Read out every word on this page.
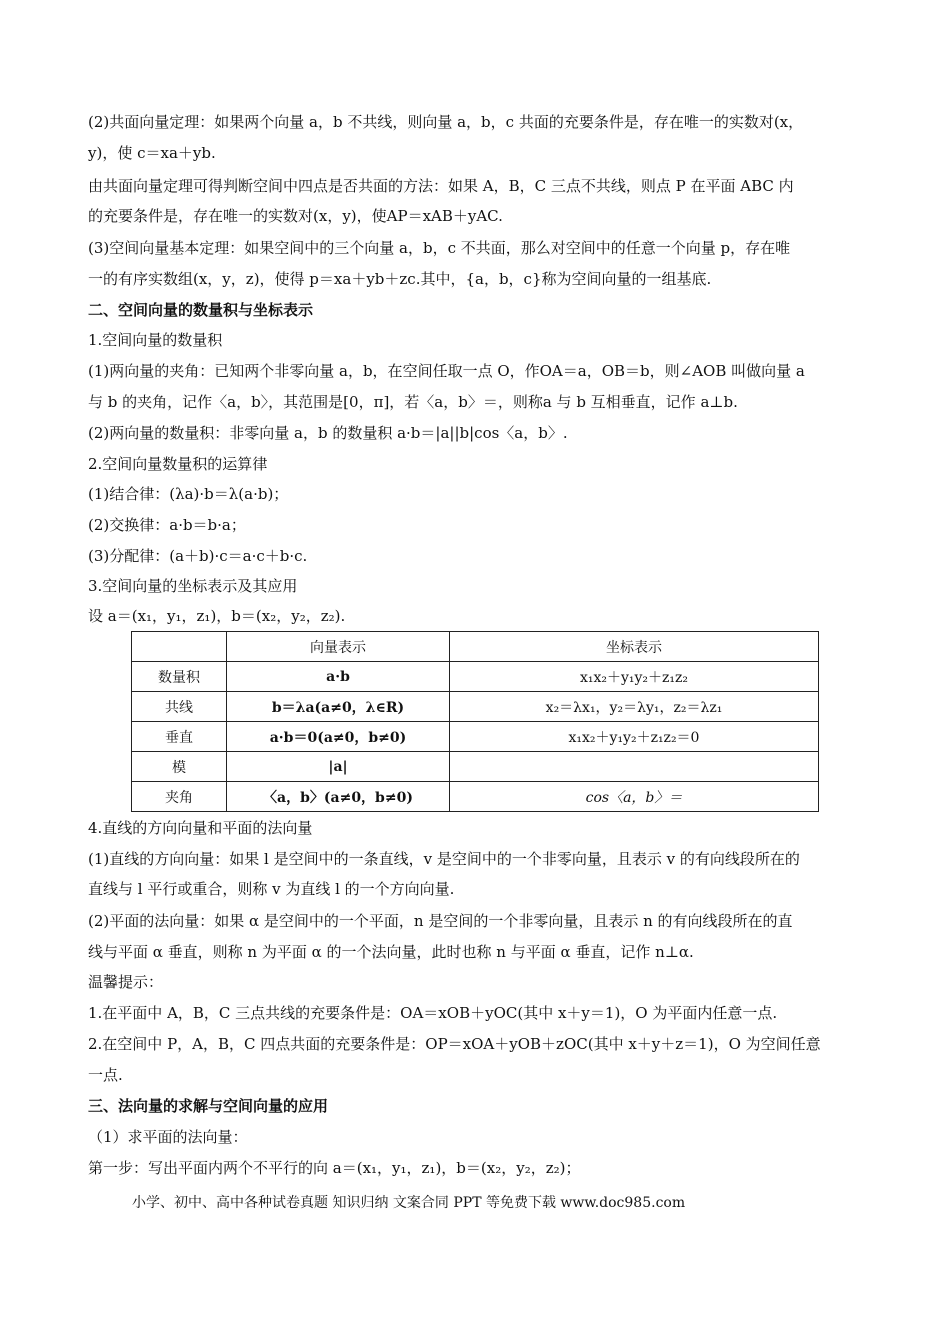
(2)共面向量定理：如果两个向量 a，b 不共线，则向量 a，b，c 共面的充要条件是，存在唯一的实数对(x，
y)，使 c＝xa＋yb.
由共面向量定理可得判断空间中四点是否共面的方法：如果 A，B，C 三点不共线，则点 P 在平面 ABC 内
的充要条件是，存在唯一的实数对(x，y)，使AP＝xAB＋yAC.
(3)空间向量基本定理：如果空间中的三个向量 a，b，c 不共面，那么对空间中的任意一个向量 p，存在唯
一的有序实数组(x，y，z)，使得 p＝xa＋yb＋zc.其中，{a，b，c}称为空间向量的一组基底.
二、空间向量的数量积与坐标表示
1.空间向量的数量积
(1)两向量的夹角：已知两个非零向量 a，b，在空间任取一点 O，作OA＝a，OB＝b，则∠AOB 叫做向量 a
与 b 的夹角，记作〈a，b〉，其范围是[0，π]，若〈a，b〉＝，则称a 与 b 互相垂直，记作 a⊥b.
(2)两向量的数量积：非零向量 a，b 的数量积 a·b＝|a||b|cos〈a，b〉.
2.空间向量数量积的运算律
(1)结合律：(λa)·b＝λ(a·b)；
(2)交换律：a·b＝b·a；
(3)分配律：(a＋b)·c＝a·c＋b·c.
3.空间向量的坐标表示及其应用
设 a＝(x₁，y₁，z₁)，b＝(x₂，y₂，z₂).
	向量表示	坐标表示
数量积	a·b	x₁x₂＋y₁y₂＋z₁z₂
共线	b＝λa(a≠0，λ∈R)	x₂＝λx₁，y₂＝λy₁，z₂＝λz₁
垂直	a·b＝0(a≠0，b≠0)	x₁x₂＋y₁y₂＋z₁z₂＝0
模	|a|	
夹角	〈a，b〉(a≠0，b≠0)	cos〈a，b〉＝
4.直线的方向向量和平面的法向量
(1)直线的方向向量：如果 l 是空间中的一条直线，v 是空间中的一个非零向量，且表示 v 的有向线段所在的
直线与 l 平行或重合，则称 v 为直线 l 的一个方向向量.
(2)平面的法向量：如果 α 是空间中的一个平面，n 是空间的一个非零向量，且表示 n 的有向线段所在的直
线与平面 α 垂直，则称 n 为平面 α 的一个法向量，此时也称 n 与平面 α 垂直，记作 n⊥α.
温馨提示：
1.在平面中 A，B，C 三点共线的充要条件是：OA＝xOB＋yOC(其中 x＋y＝1)，O 为平面内任意一点.
2.在空间中 P，A，B，C 四点共面的充要条件是：OP＝xOA＋yOB＋zOC(其中 x＋y＋z＝1)，O 为空间任意
一点.
三、法向量的求解与空间向量的应用
（1）求平面的法向量：
第一步：写出平面内两个不平行的向 a＝(x₁，y₁，z₁)，b＝(x₂，y₂，z₂)；
小学、初中、高中各种试卷真题 知识归纳 文案合同 PPT 等免费下载 www.doc985.com
